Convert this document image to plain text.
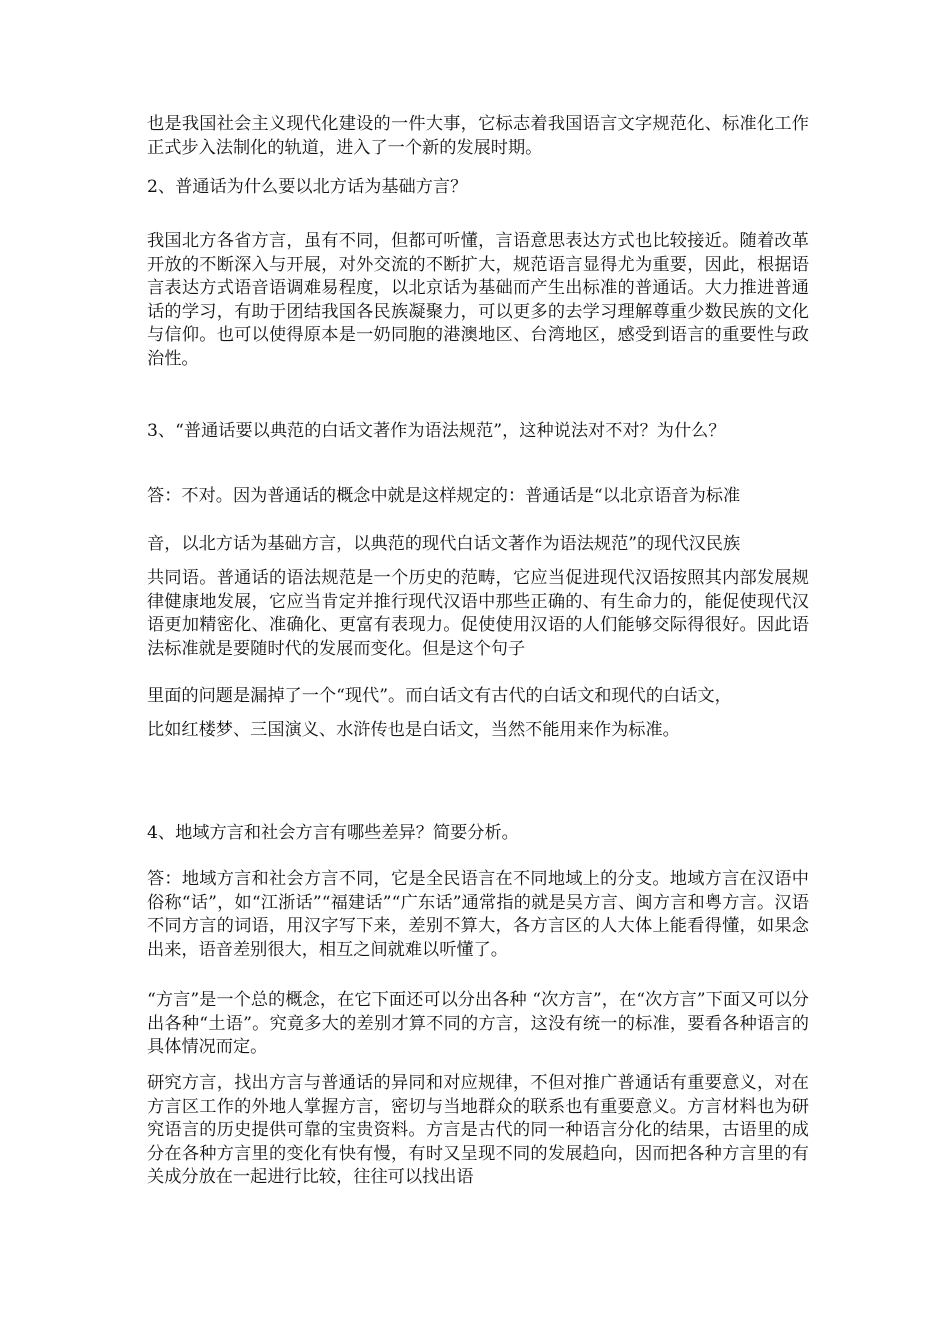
也是我国社会主义现代化建设的一件大事，它标志着我国语言文字规范化、标准化工作正式步入法制化的轨道，进入了一个新的发展时期。

2、普通话为什么要以北方话为基础方言？

我国北方各省方言，虽有不同，但都可听懂，言语意思表达方式也比较接近。随着改革开放的不断深入与开展，对外交流的不断扩大，规范语言显得尤为重要，因此，根据语言表达方式语音语调难易程度，以北京话为基础而产生出标准的普通话。大力推进普通话的学习，有助于团结我国各民族凝聚力，可以更多的去学习理解尊重少数民族的文化与信仰。也可以使得原本是一奶同胞的港澳地区、台湾地区，感受到语言的重要性与政治性。

3、“普通话要以典范的白话文著作为语法规范”，这种说法对不对？为什么？

答：不对。因为普通话的概念中就是这样规定的：普通话是“以北京语音为标准

音，以北方话为基础方言，以典范的现代白话文著作为语法规范”的现代汉民族

共同语。普通话的语法规范是一个历史的范畴，它应当促进现代汉语按照其内部发展规律健康地发展，它应当肯定并推行现代汉语中那些正确的、有生命力的，能促使现代汉语更加精密化、准确化、更富有表现力。促使使用汉语的人们能够交际得很好。因此语法标准就是要随时代的发展而变化。但是这个句子

里面的问题是漏掉了一个“现代”。而白话文有古代的白话文和现代的白话文，

比如红楼梦、三国演义、水浒传也是白话文，当然不能用来作为标准。

4、地域方言和社会方言有哪些差异？简要分析。

答：地域方言和社会方言不同，它是全民语言在不同地域上的分支。地域方言在汉语中俗称“话”，如“江浙话”“福建话”“广东话”通常指的就是吴方言、闽方言和粤方言。汉语不同方言的词语，用汉字写下来，差别不算大，各方言区的人大体上能看得懂，如果念出来，语音差别很大，相互之间就难以听懂了。

“方言”是一个总的概念，在它下面还可以分出各种 “次方言”，在“次方言”下面又可以分出各种“土语”。究竟多大的差别才算不同的方言，这没有统一的标准，要看各种语言的具体情况而定。

研究方言，找出方言与普通话的异同和对应规律，不但对推广普通话有重要意义，对在方言区工作的外地人掌握方言，密切与当地群众的联系也有重要意义。方言材料也为研究语言的历史提供可靠的宝贵资料。方言是古代的同一种语言分化的结果，古语里的成分在各种方言里的变化有快有慢，有时又呈现不同的发展趋向，因而把各种方言里的有关成分放在一起进行比较，往往可以找出语
